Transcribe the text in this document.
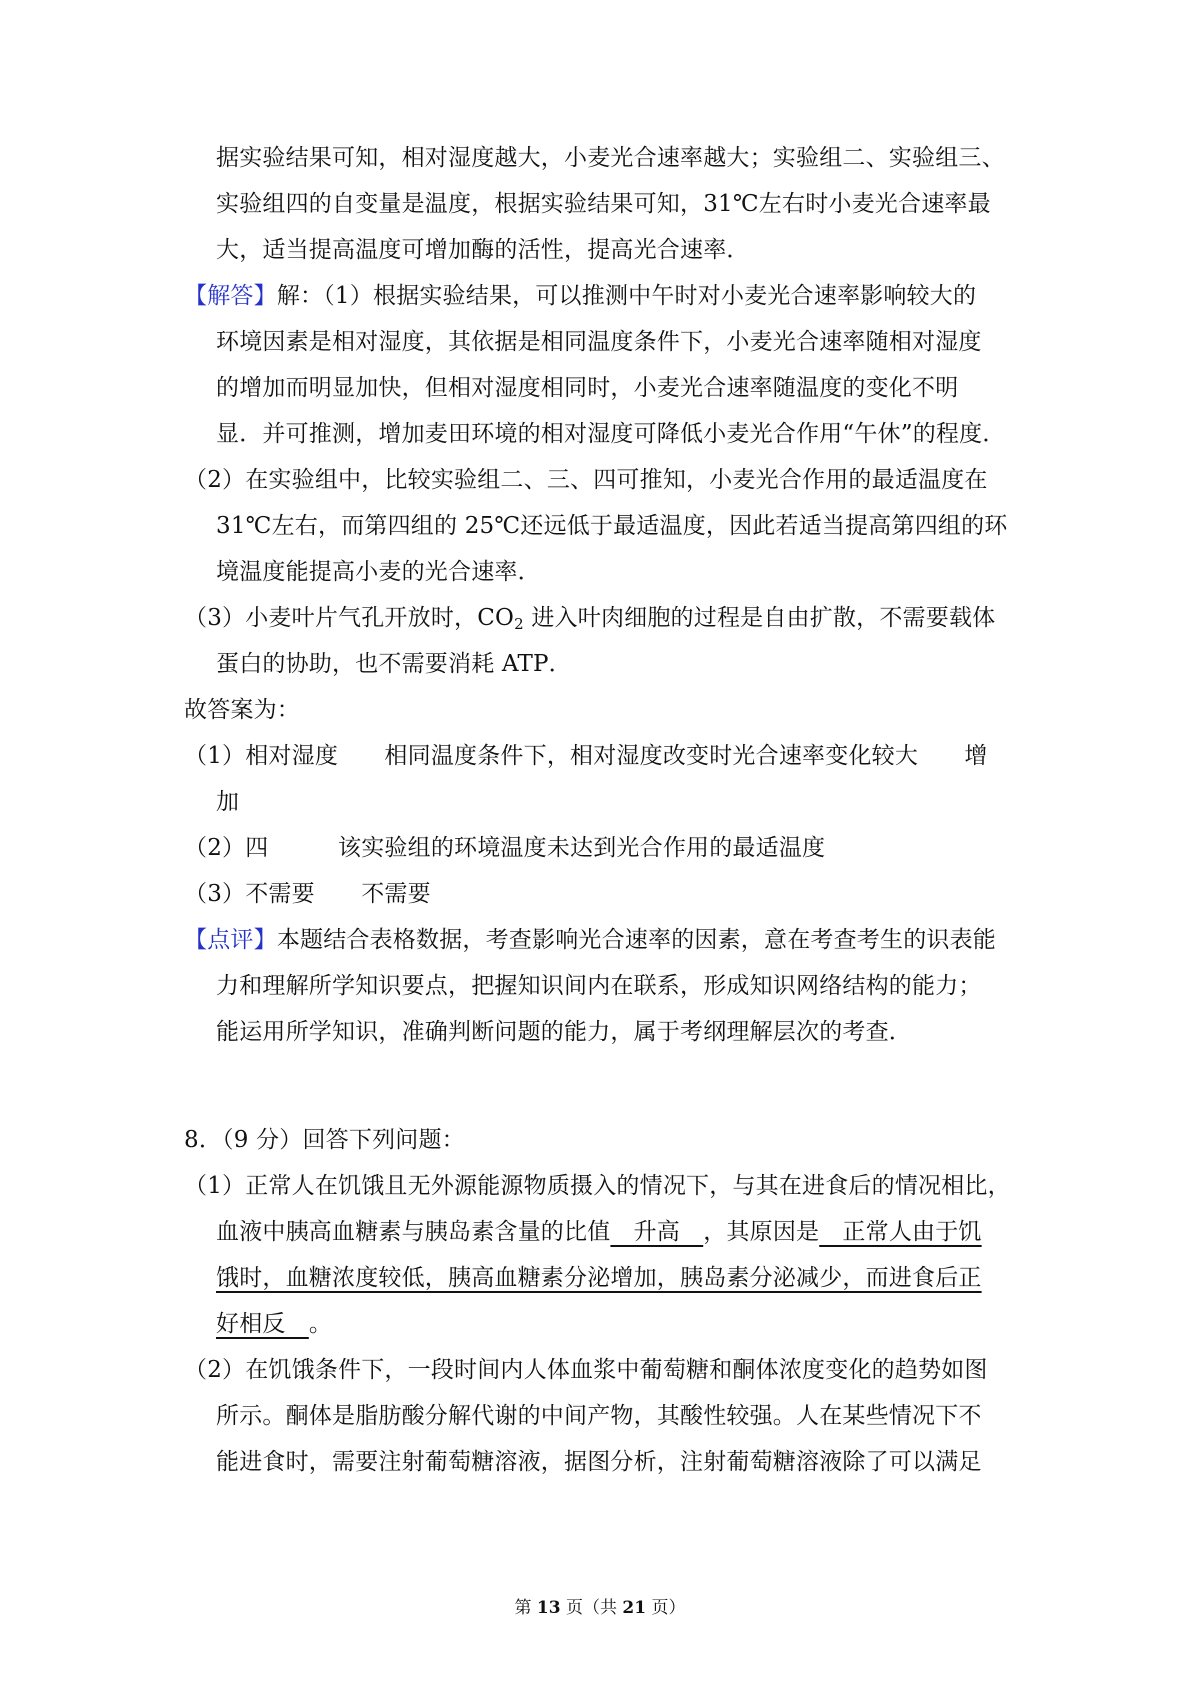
据实验结果可知，相对湿度越大，小麦光合速率越大；实验组二、实验组三、
实验组四的自变量是温度，根据实验结果可知，31℃左右时小麦光合速率最
大，适当提高温度可增加酶的活性，提高光合速率．
【解答】解：（1）根据实验结果，可以推测中午时对小麦光合速率影响较大的
环境因素是相对湿度，其依据是相同温度条件下，小麦光合速率随相对湿度
的增加而明显加快，但相对湿度相同时，小麦光合速率随温度的变化不明
显．并可推测，增加麦田环境的相对湿度可降低小麦光合作用“午休”的程度．
（2）在实验组中，比较实验组二、三、四可推知，小麦光合作用的最适温度在
31℃左右，而第四组的 25℃还远低于最适温度，因此若适当提高第四组的环
境温度能提高小麦的光合速率．
（3）小麦叶片气孔开放时，$CO_2$ 进入叶肉细胞的过程是自由扩散，不需要载体
蛋白的协助，也不需要消耗 ATP．
故答案为：
（1）相对湿度　　相同温度条件下，相对湿度改变时光合速率变化较大　　增
加
（2）四　　　该实验组的环境温度未达到光合作用的最适温度
（3）不需要　　不需要
【点评】本题结合表格数据，考查影响光合速率的因素，意在考查考生的识表能
力和理解所学知识要点，把握知识间内在联系，形成知识网络结构的能力；
能运用所学知识，准确判断问题的能力，属于考纲理解层次的考查．
8．（9 分）回答下列问题：
（1）正常人在饥饿且无外源能源物质摄入的情况下，与其在进食后的情况相比，
血液中胰高血糖素与胰岛素含量的比值　升高　，其原因是　正常人由于饥
饿时，血糖浓度较低，胰高血糖素分泌增加，胰岛素分泌减少，而进食后正
好相反　。
（2）在饥饿条件下，一段时间内人体血浆中葡萄糖和酮体浓度变化的趋势如图
所示。酮体是脂肪酸分解代谢的中间产物，其酸性较强。人在某些情况下不
能进食时，需要注射葡萄糖溶液，据图分析，注射葡萄糖溶液除了可以满足
第 13 页（共 21 页）
